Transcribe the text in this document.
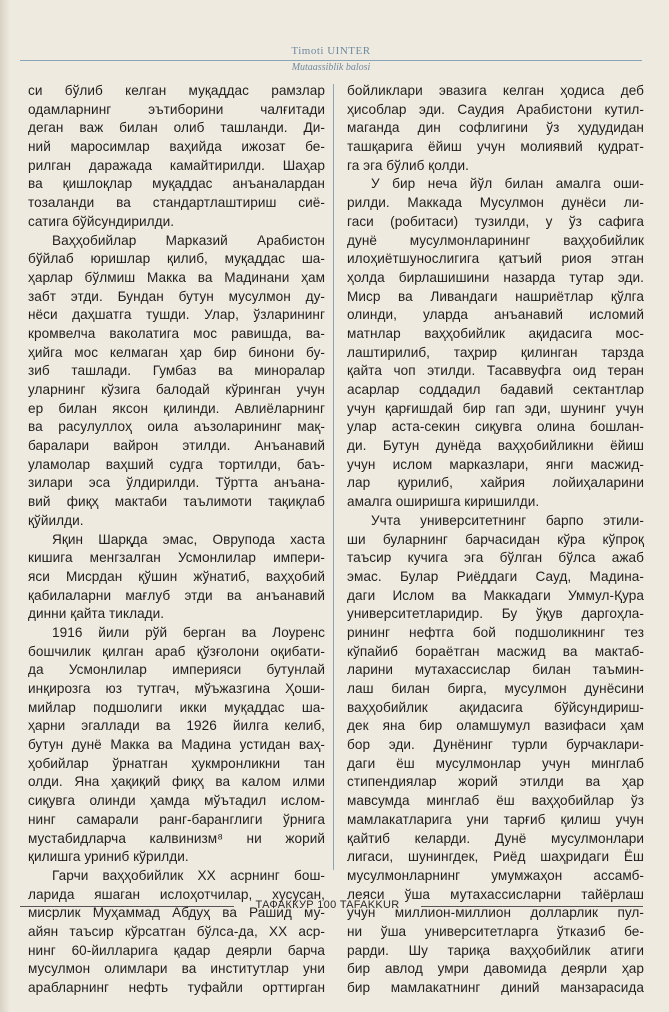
Timoti UINTER
Mutaassiblik balosi
си бўлиб келган муқаддас рамзлар
одамларнинг эътиборини чалғитади
деган важ билан олиб ташланди. Ди-
ний маросимлар ваҳийда ижозат бе-
рилган даражада камайтирилди. Шаҳар
ва қишлоқлар муқаддас анъаналардан
тозаланди ва стандартлаштириш сиё-
сатига бўйсундирилди.
Ваҳҳобийлар Марказий Арабистон
бўйлаб юришлар қилиб, муқаддас ша-
ҳарлар бўлмиш Макка ва Мадинани ҳам
забт этди. Бундан бутун мусулмон ду-
нёси даҳшатга тушди. Улар, ўзларининг
кромвелча ваколатига мос равишда, ва-
ҳийга мос келмаган ҳар бир бинони бу-
зиб ташлади. Гумбаз ва миноралар
уларнинг кўзига балодай кўринган учун
ер билан яксон қилинди. Авлиёларнинг
ва расулуллоҳ оила аъзоларининг мақ-
баралари вайрон этилди. Анъанавий
уламолар ваҳший судга тортилди, баъ-
зилари эса ўлдирилди. Тўртта анъана-
вий фиқҳ мактаби таълимоти тақиқлаб
қўйилди.
Яқин Шарқда эмас, Оврупода хаста
кишига менгзалган Усмонлилар импери-
яси Мисрдан қўшин жўнатиб, ваҳҳобий
қабилаларни мағлуб этди ва анъанавий
динни қайта тиклади.
1916 йили рўй берган ва Лоуренс
бошчилик қилган араб қўзғолони оқибати-
да Усмонлилар империяси бутунлай
инқирозга юз тутгач, мўъжазгина Ҳоши-
мийлар подшолиги икки муқаддас ша-
ҳарни эгаллади ва 1926 йилга келиб,
бутун дунё Макка ва Мадина устидан ваҳ-
ҳобийлар ўрнатган ҳукмронликни тан
олди. Яна ҳақиқий фиқҳ ва калом илми
сиқувга олинди ҳамда мўътадил ислом-
нинг самарали ранг-баранглиги ўрнига
мустабидларча калвинизм⁸ ни жорий
қилишга уриниб кўрилди.
Гарчи ваҳҳобийлик XX асрнинг бош-
ларида яшаган ислоҳотчилар, хусусан,
мисрлик Муҳаммад Абдуҳ ва Рашид му-
айян таъсир кўрсатган бўлса-да, XX аср-
нинг 60-йилларига қадар деярли барча
мусулмон олимлари ва институтлар уни
арабларнинг нефть туфайли орттирган
бойликлари эвазига келган ҳодиса деб
ҳисоблар эди. Саудия Арабистони кутил-
маганда дин софлигини ўз ҳудудидан
ташқарига ёйиш учун молиявий қудрат-
га эга бўлиб қолди.
У бир неча йўл билан амалга оши-
рилди. Маккада Мусулмон дунёси ли-
гаси (робитаси) тузилди, у ўз сафига
дунё мусулмонларининг ваҳҳобийлик
илоҳиётшунослигига қатъий риоя этган
ҳолда бирлашишини назарда тутар эди.
Миср ва Ливандаги нашриётлар қўлга
олинди, уларда анъанавий исломий
матнлар ваҳҳобийлик ақидасига мос-
лаштирилиб, таҳрир қилинган тарзда
қайта чоп этилди. Тасаввуфга оид теран
асарлар соддадил бадавий сектантлар
учун қарғишдай бир гап эди, шунинг учун
улар аста-секин сиқувга олина бошлан-
ди. Бутун дунёда ваҳҳобийликни ёйиш
учун ислом марказлари, янги масжид-
лар қурилиб, хайрия лойиҳаларини
амалга оширишга киришилди.
Учта университетнинг барпо этили-
ши буларнинг барчасидан кўра кўпроқ
таъсир кучига эга бўлган бўлса ажаб
эмас. Булар Риёддаги Сауд, Мадина-
даги Ислом ва Маккадаги Уммул-Қура
университетларидир. Бу ўқув даргоҳла-
рининг нефтга бой подшоликнинг тез
кўпайиб бораётган масжид ва мактаб-
ларини мутахассислар билан таъмин-
лаш билан бирга, мусулмон дунёсини
ваҳҳобийлик ақидасига бўйсундириш-
дек яна бир оламшумул вазифаси ҳам
бор эди. Дунёнинг турли бурчаклари-
даги ёш мусулмонлар учун минглаб
стипендиялар жорий этилди ва ҳар
мавсумда минглаб ёш ваҳҳобийлар ўз
мамлакатларига уни тарғиб қилиш учун
қайтиб келарди. Дунё мусулмонлари
лигаси, шунингдек, Риёд шаҳридаги Ёш
мусулмонларнинг умумжаҳон ассамб-
леяси ўша мутахассисларни тайёрлаш
учун миллион-миллион долларлик пул-
ни ўша университетларга ўтказиб бе-
рарди. Шу тариқа ваҳҳобийлик атиги
бир авлод умри давомида деярли ҳар
бир мамлакатнинг диний манзарасида
ТАФАККУР 100 TAFAKKUR
